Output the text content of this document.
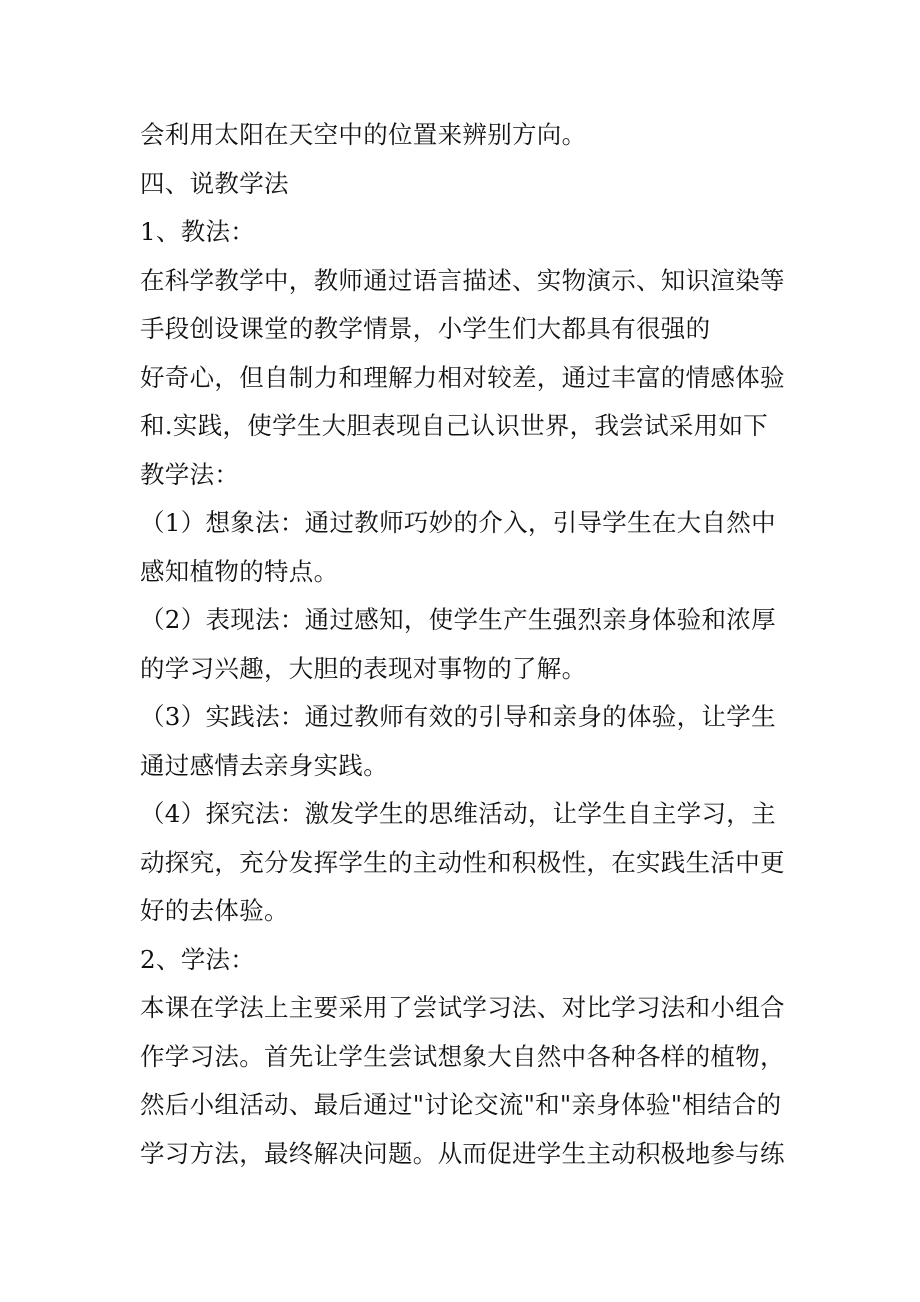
会利用太阳在天空中的位置来辨别方向。
四、说教学法
1、教法：
在科学教学中，教师通过语言描述、实物演示、知识渲染等
手段创设课堂的教学情景，小学生们大都具有很强的
好奇心，但自制力和理解力相对较差，通过丰富的情感体验
和.实践，使学生大胆表现自己认识世界，我尝试采用如下
教学法：
（1）想象法：通过教师巧妙的介入，引导学生在大自然中
感知植物的特点。
（2）表现法：通过感知，使学生产生强烈亲身体验和浓厚
的学习兴趣，大胆的表现对事物的了解。
（3）实践法：通过教师有效的引导和亲身的体验，让学生
通过感情去亲身实践。
（4）探究法：激发学生的思维活动，让学生自主学习，主
动探究，充分发挥学生的主动性和积极性，在实践生活中更
好的去体验。
2、学法：
本课在学法上主要采用了尝试学习法、对比学习法和小组合
作学习法。首先让学生尝试想象大自然中各种各样的植物，
然后小组活动、最后通过"讨论交流"和"亲身体验"相结合的
学习方法，最终解决问题。从而促进学生主动积极地参与练
